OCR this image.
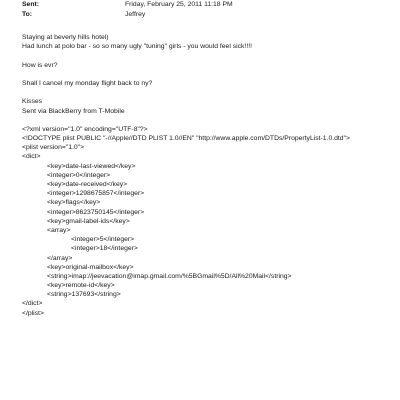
Sent:	Friday, February 25, 2011 11:18 PM
To:	Jeffrey
Staying at beverly hills hotel)
Had lunch at polo bar - so so many ugly "tuning" girls - you would feel sick!!!!
How is evr?
Shall I cancel my monday flight back to ny?
Kisses
Sent via BlackBerry from T-Mobile
<?xml version="1.0" encoding="UTF-8"?>
<!DOCTYPE plist PUBLIC "-//Apple//DTD PLIST 1.0//EN" "http://www.apple.com/DTDs/PropertyList-1.0.dtd">
<plist version="1.0">
<dict>
<key>date-last-viewed</key>
<integer>0</integer>
<key>date-received</key>
<integer>1298675857</integer>
<key>flags</key>
<integer>8623750145</integer>
<key>gmail-label-ids</key>
<array>
<integer>5</integer>
<integer>18</integer>
</array>
<key>original-mailbox</key>
<string>imap://jeevacation@imap.gmail.com/%5BGmail%5D/All%20Mail</string>
<key>remote-id</key>
<string>137693</string>
</dict>
</plist>
